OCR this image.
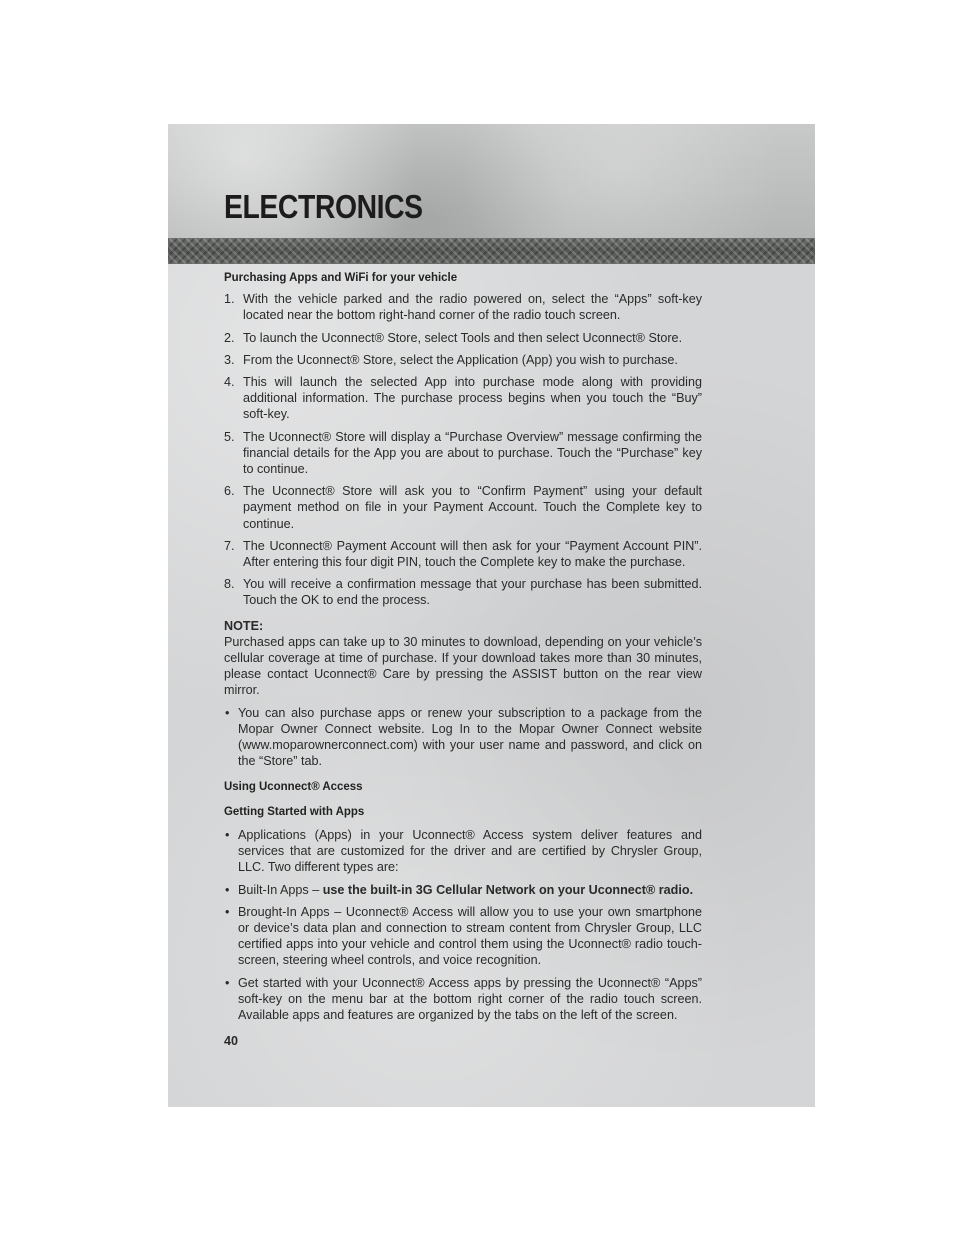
ELECTRONICS

Purchasing Apps and WiFi for your vehicle

1. With the vehicle parked and the radio powered on, select the “Apps” soft-key located near the bottom right-hand corner of the radio touch screen.
2. To launch the Uconnect® Store, select Tools and then select Uconnect® Store.
3. From the Uconnect® Store, select the Application (App) you wish to purchase.
4. This will launch the selected App into purchase mode along with providing additional information. The purchase process begins when you touch the “Buy” soft-key.
5. The Uconnect® Store will display a “Purchase Overview” message confirming the financial details for the App you are about to purchase. Touch the “Purchase” key to continue.
6. The Uconnect® Store will ask you to “Confirm Payment” using your default payment method on file in your Payment Account. Touch the Complete key to continue.
7. The Uconnect® Payment Account will then ask for your “Payment Account PIN”. After entering this four digit PIN, touch the Complete key to make the purchase.
8. You will receive a confirmation message that your purchase has been submitted. Touch the OK to end the process.

NOTE:

Purchased apps can take up to 30 minutes to download, depending on your vehicle’s cellular coverage at time of purchase. If your download takes more than 30 minutes, please contact Uconnect® Care by pressing the ASSIST button on the rear view mirror.

• You can also purchase apps or renew your subscription to a package from the Mopar Owner Connect website. Log In to the Mopar Owner Connect website (www.moparownerconnect.com) with your user name and password, and click on the “Store” tab.

Using Uconnect® Access

Getting Started with Apps

• Applications (Apps) in your Uconnect® Access system deliver features and services that are customized for the driver and are certified by Chrysler Group, LLC. Two different types are:
• Built-In Apps – use the built-in 3G Cellular Network on your Uconnect® radio.
• Brought-In Apps – Uconnect® Access will allow you to use your own smartphone or device’s data plan and connection to stream content from Chrysler Group, LLC certified apps into your vehicle and control them using the Uconnect® radio touch-screen, steering wheel controls, and voice recognition.
• Get started with your Uconnect® Access apps by pressing the Uconnect® “Apps” soft-key on the menu bar at the bottom right corner of the radio touch screen. Available apps and features are organized by the tabs on the left of the screen.

40
